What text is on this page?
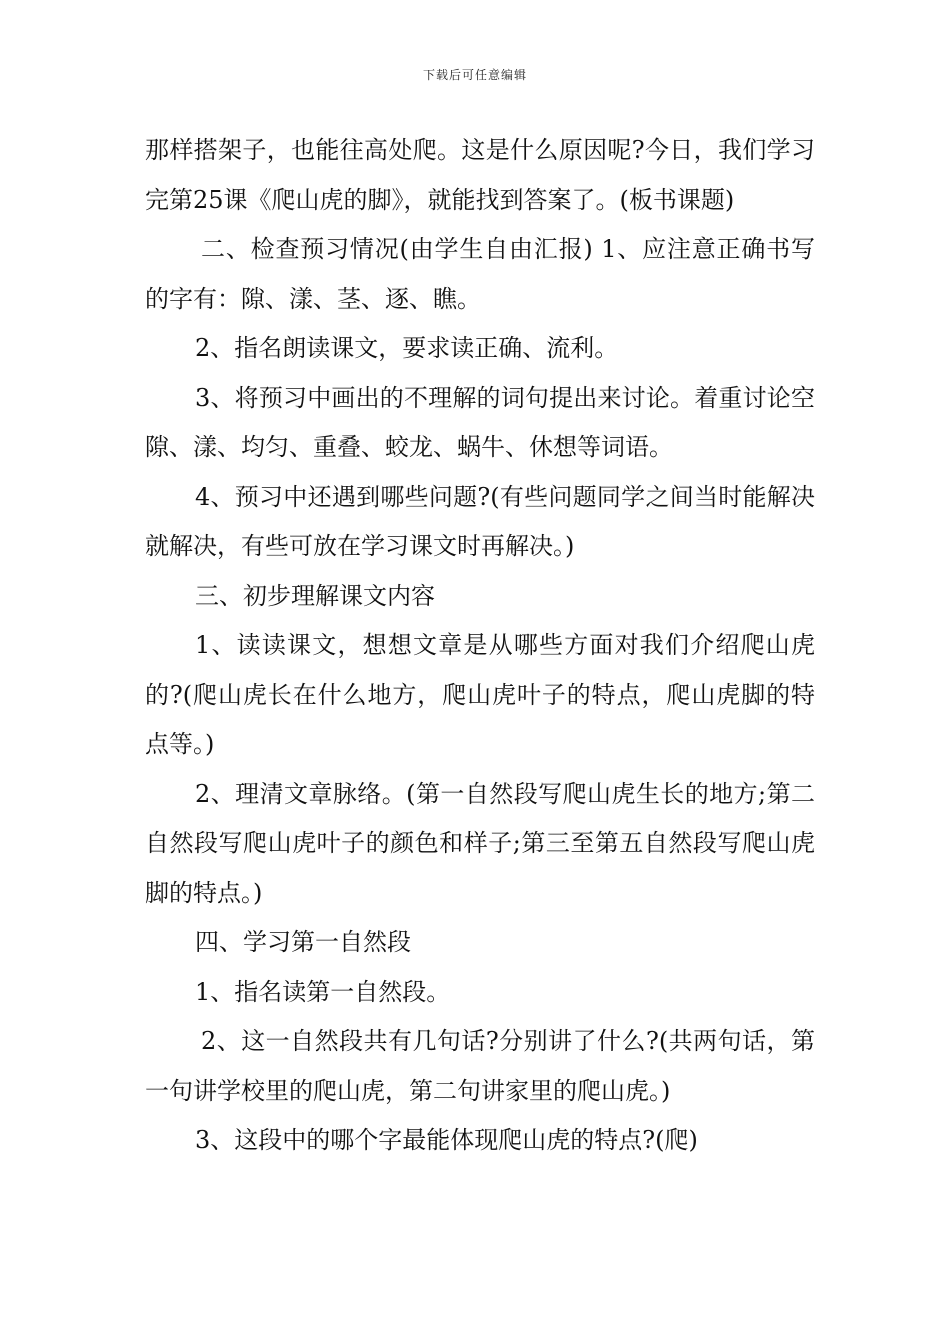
下载后可任意编辑

那样搭架子，也能往高处爬。这是什么原因呢?今日，我们学习完第25课《爬山虎的脚》，就能找到答案了。(板书课题)

二、检查预习情况(由学生自由汇报) 1、应注意正确书写的字有：隙、漾、茎、逐、瞧。

2、指名朗读课文，要求读正确、流利。

3、将预习中画出的不理解的词句提出来讨论。着重讨论空隙、漾、均匀、重叠、蛟龙、蜗牛、休想等词语。

4、预习中还遇到哪些问题?(有些问题同学之间当时能解决就解决，有些可放在学习课文时再解决。)

三、初步理解课文内容

1、读读课文，想想文章是从哪些方面对我们介绍爬山虎的?(爬山虎长在什么地方，爬山虎叶子的特点，爬山虎脚的特点等。)

2、理清文章脉络。(第一自然段写爬山虎生长的地方;第二自然段写爬山虎叶子的颜色和样子;第三至第五自然段写爬山虎脚的特点。)

四、学习第一自然段

1、指名读第一自然段。

2、这一自然段共有几句话?分别讲了什么?(共两句话，第一句讲学校里的爬山虎，第二句讲家里的爬山虎。)

3、这段中的哪个字最能体现爬山虎的特点?(爬)
